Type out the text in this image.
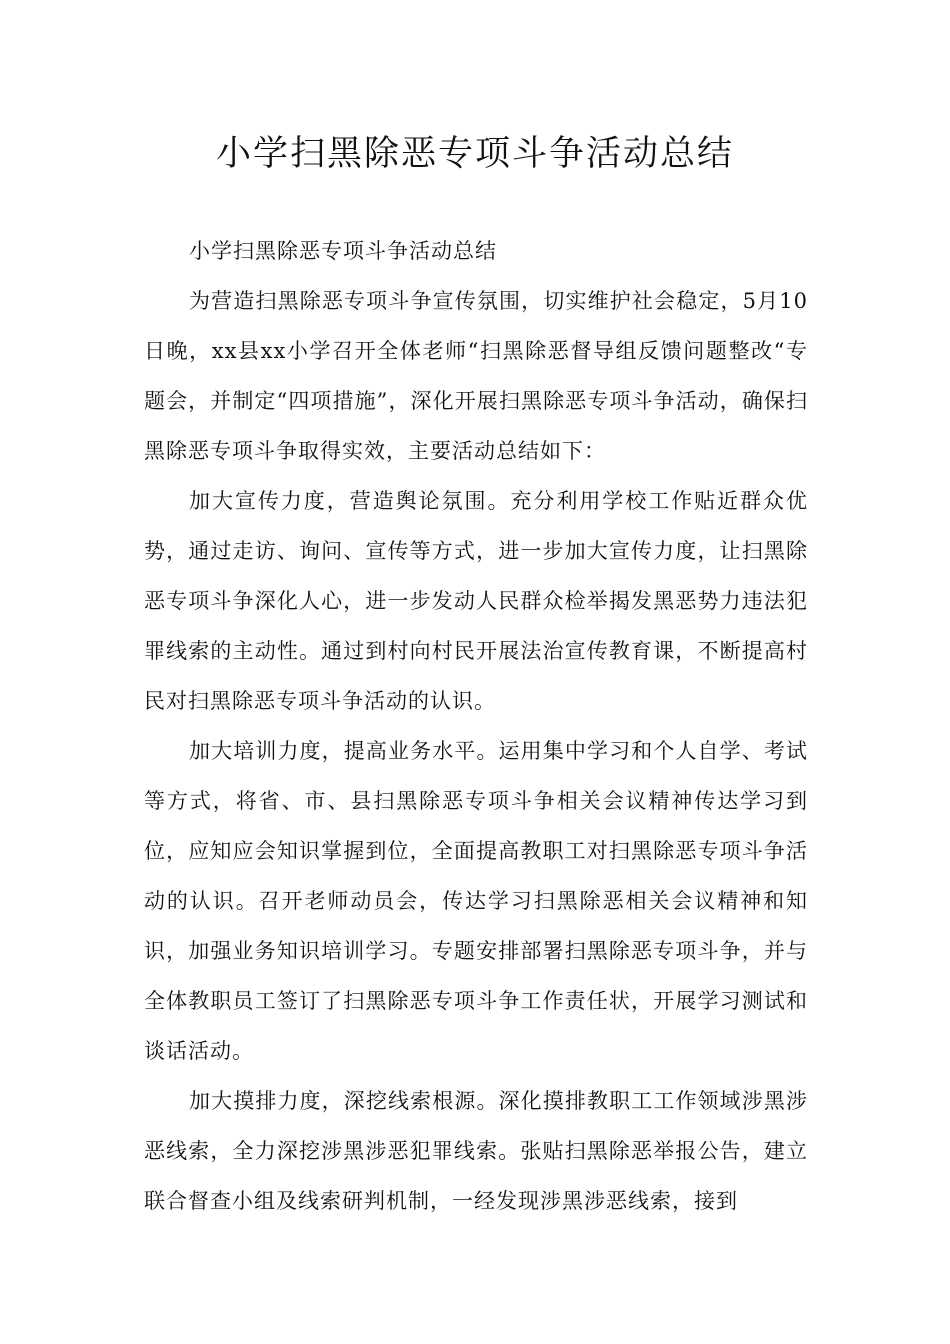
小学扫黑除恶专项斗争活动总结

小学扫黑除恶专项斗争活动总结

为营造扫黑除恶专项斗争宣传氛围，切实维护社会稳定，5月10日晚，xx县xx小学召开全体老师“扫黑除恶督导组反馈问题整改“专题会，并制定“四项措施”，深化开展扫黑除恶专项斗争活动，确保扫黑除恶专项斗争取得实效，主要活动总结如下：

加大宣传力度，营造舆论氛围。充分利用学校工作贴近群众优势，通过走访、询问、宣传等方式，进一步加大宣传力度，让扫黑除恶专项斗争深化人心，进一步发动人民群众检举揭发黑恶势力违法犯罪线索的主动性。通过到村向村民开展法治宣传教育课，不断提高村民对扫黑除恶专项斗争活动的认识。

加大培训力度，提高业务水平。运用集中学习和个人自学、考试等方式，将省、市、县扫黑除恶专项斗争相关会议精神传达学习到位，应知应会知识掌握到位，全面提高教职工对扫黑除恶专项斗争活动的认识。召开老师动员会，传达学习扫黑除恶相关会议精神和知识，加强业务知识培训学习。专题安排部署扫黑除恶专项斗争，并与全体教职员工签订了扫黑除恶专项斗争工作责任状，开展学习测试和谈话活动。

加大摸排力度，深挖线索根源。深化摸排教职工工作领域涉黑涉恶线索，全力深挖涉黑涉恶犯罪线索。张贴扫黑除恶举报公告，建立联合督查小组及线索研判机制，一经发现涉黑涉恶线索，接到
